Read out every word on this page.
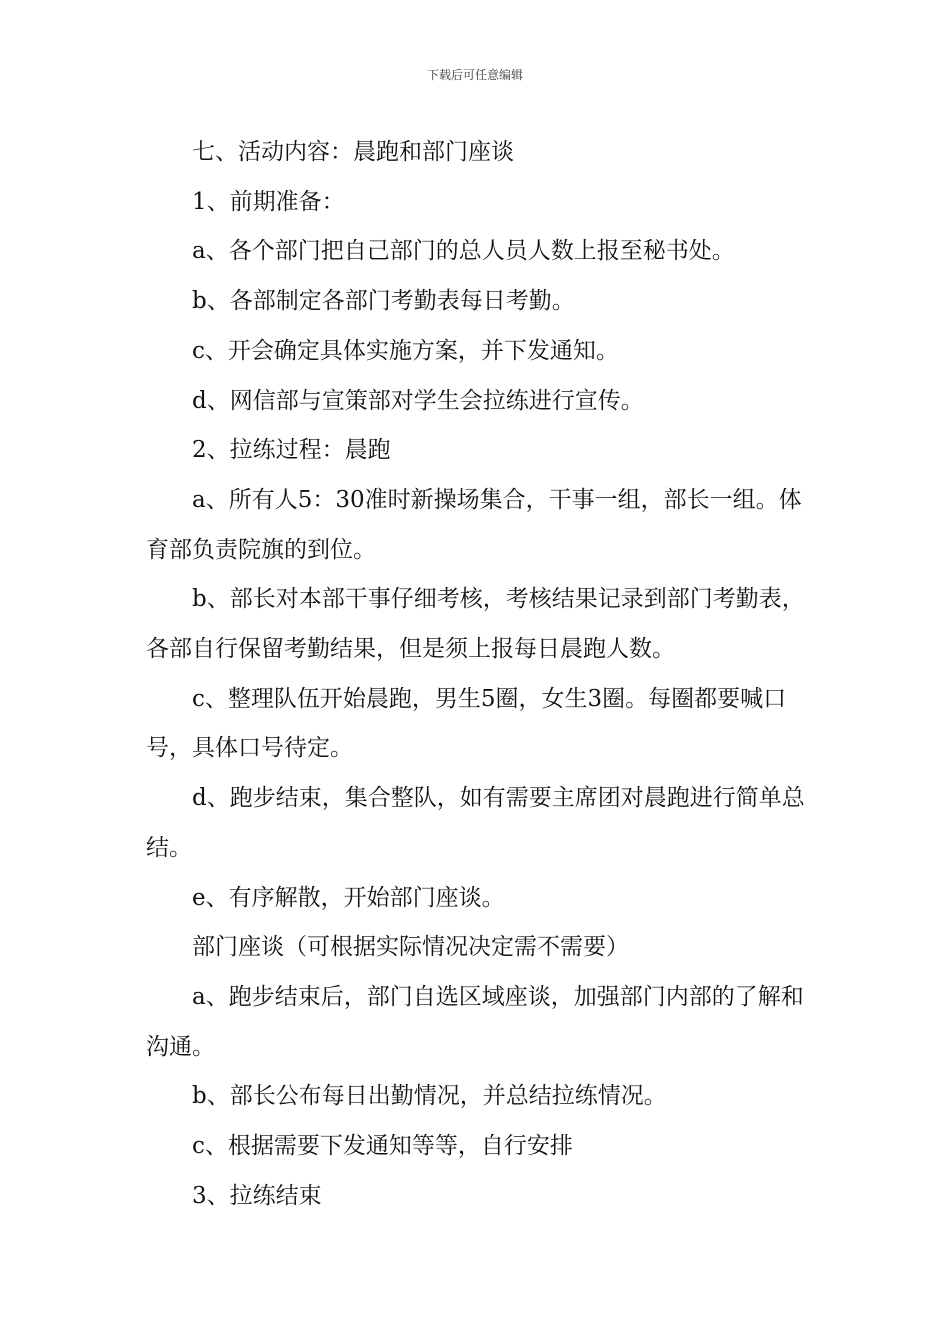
下载后可任意编辑

七、活动内容：晨跑和部门座谈

1、前期准备：

a、各个部门把自己部门的总人员人数上报至秘书处。

b、各部制定各部门考勤表每日考勤。

c、开会确定具体实施方案，并下发通知。

d、网信部与宣策部对学生会拉练进行宣传。

2、拉练过程：晨跑

a、所有人5：30准时新操场集合，干事一组，部长一组。体育部负责院旗的到位。

b、部长对本部干事仔细考核，考核结果记录到部门考勤表，各部自行保留考勤结果，但是须上报每日晨跑人数。

c、整理队伍开始晨跑，男生5圈，女生3圈。每圈都要喊口号，具体口号待定。

d、跑步结束，集合整队，如有需要主席团对晨跑进行简单总结。

e、有序解散，开始部门座谈。

部门座谈（可根据实际情况决定需不需要）

a、跑步结束后，部门自选区域座谈，加强部门内部的了解和沟通。

b、部长公布每日出勤情况，并总结拉练情况。

c、根据需要下发通知等等，自行安排

3、拉练结束
